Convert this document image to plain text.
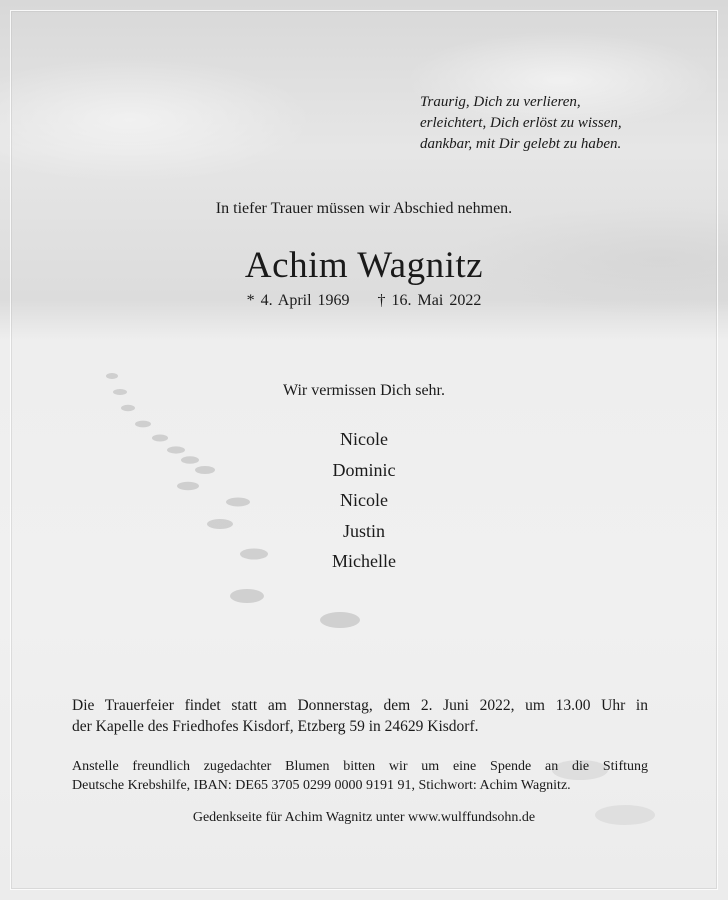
Traurig, Dich zu verlieren,
erleichtert, Dich erlöst zu wissen,
dankbar, mit Dir gelebt zu haben.
In tiefer Trauer müssen wir Abschied nehmen.
Achim Wagnitz
* 4. April 1969 † 16. Mai 2022
Wir vermissen Dich sehr.
Nicole
Dominic
Nicole
Justin
Michelle
Die Trauerfeier findet statt am Donnerstag, dem 2. Juni 2022, um 13.00 Uhr in
der Kapelle des Friedhofes Kisdorf, Etzberg 59 in 24629 Kisdorf.
Anstelle freundlich zugedachter Blumen bitten wir um eine Spende an die Stiftung
Deutsche Krebshilfe, IBAN: DE65 3705 0299 0000 9191 91, Stichwort: Achim Wagnitz.
Gedenkseite für Achim Wagnitz unter www.wulffundsohn.de
